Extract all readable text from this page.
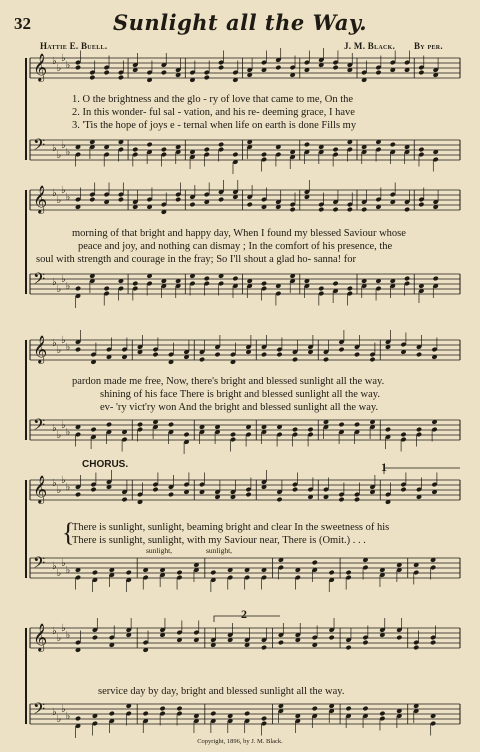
32	Sunlight all the Way.
Hattie E. Buell.	J. M. Black. By per.
𝄞 ♭
♭
♭
♭
𝄢 ♭
♭
♭
♭
𝄞 ♭
♭
♭
♭
𝄢 ♭
♭
♭
♭
𝄞 ♭
♭
♭
♭
𝄢 ♭
♭
♭
♭
𝄞 ♭
♭
♭
♭
𝄢 ♭
♭
♭
♭
𝄞 ♭
♭
♭
♭
𝄢 ♭
♭
♭
♭
1. O the brightness and the glo - ry of love that came to me, On the
2. In this wonder- ful sal - vation, and his re- deeming grace, I have
3. 'Tis the hope of joys e - ternal when life on earth is done Fills my
morning of that bright and happy day, When I found my blessed Saviour whose
peace and joy, and nothing can dismay ; In the comfort of his presence, the
soul with strength and courage in the fray; So I'll shout a glad ho- sanna! for
pardon made me free, Now, there's bright and blessed sunlight all the way.
shining of his face There is bright and blessed sunlight all the way.
ev- 'ry vict'ry won And the bright and blessed sunlight all the way.
CHORUS.	1
{
There is sunlight, sunlight, beaming bright and clear In the sweetness of his
There is sunlight, sunlight, with my Saviour near, There is (Omit.) . . .
sunlight,	sunlight,
2
service day by day, bright and blessed sunlight all the way.
Copyright, 1896, by J. M. Black.
